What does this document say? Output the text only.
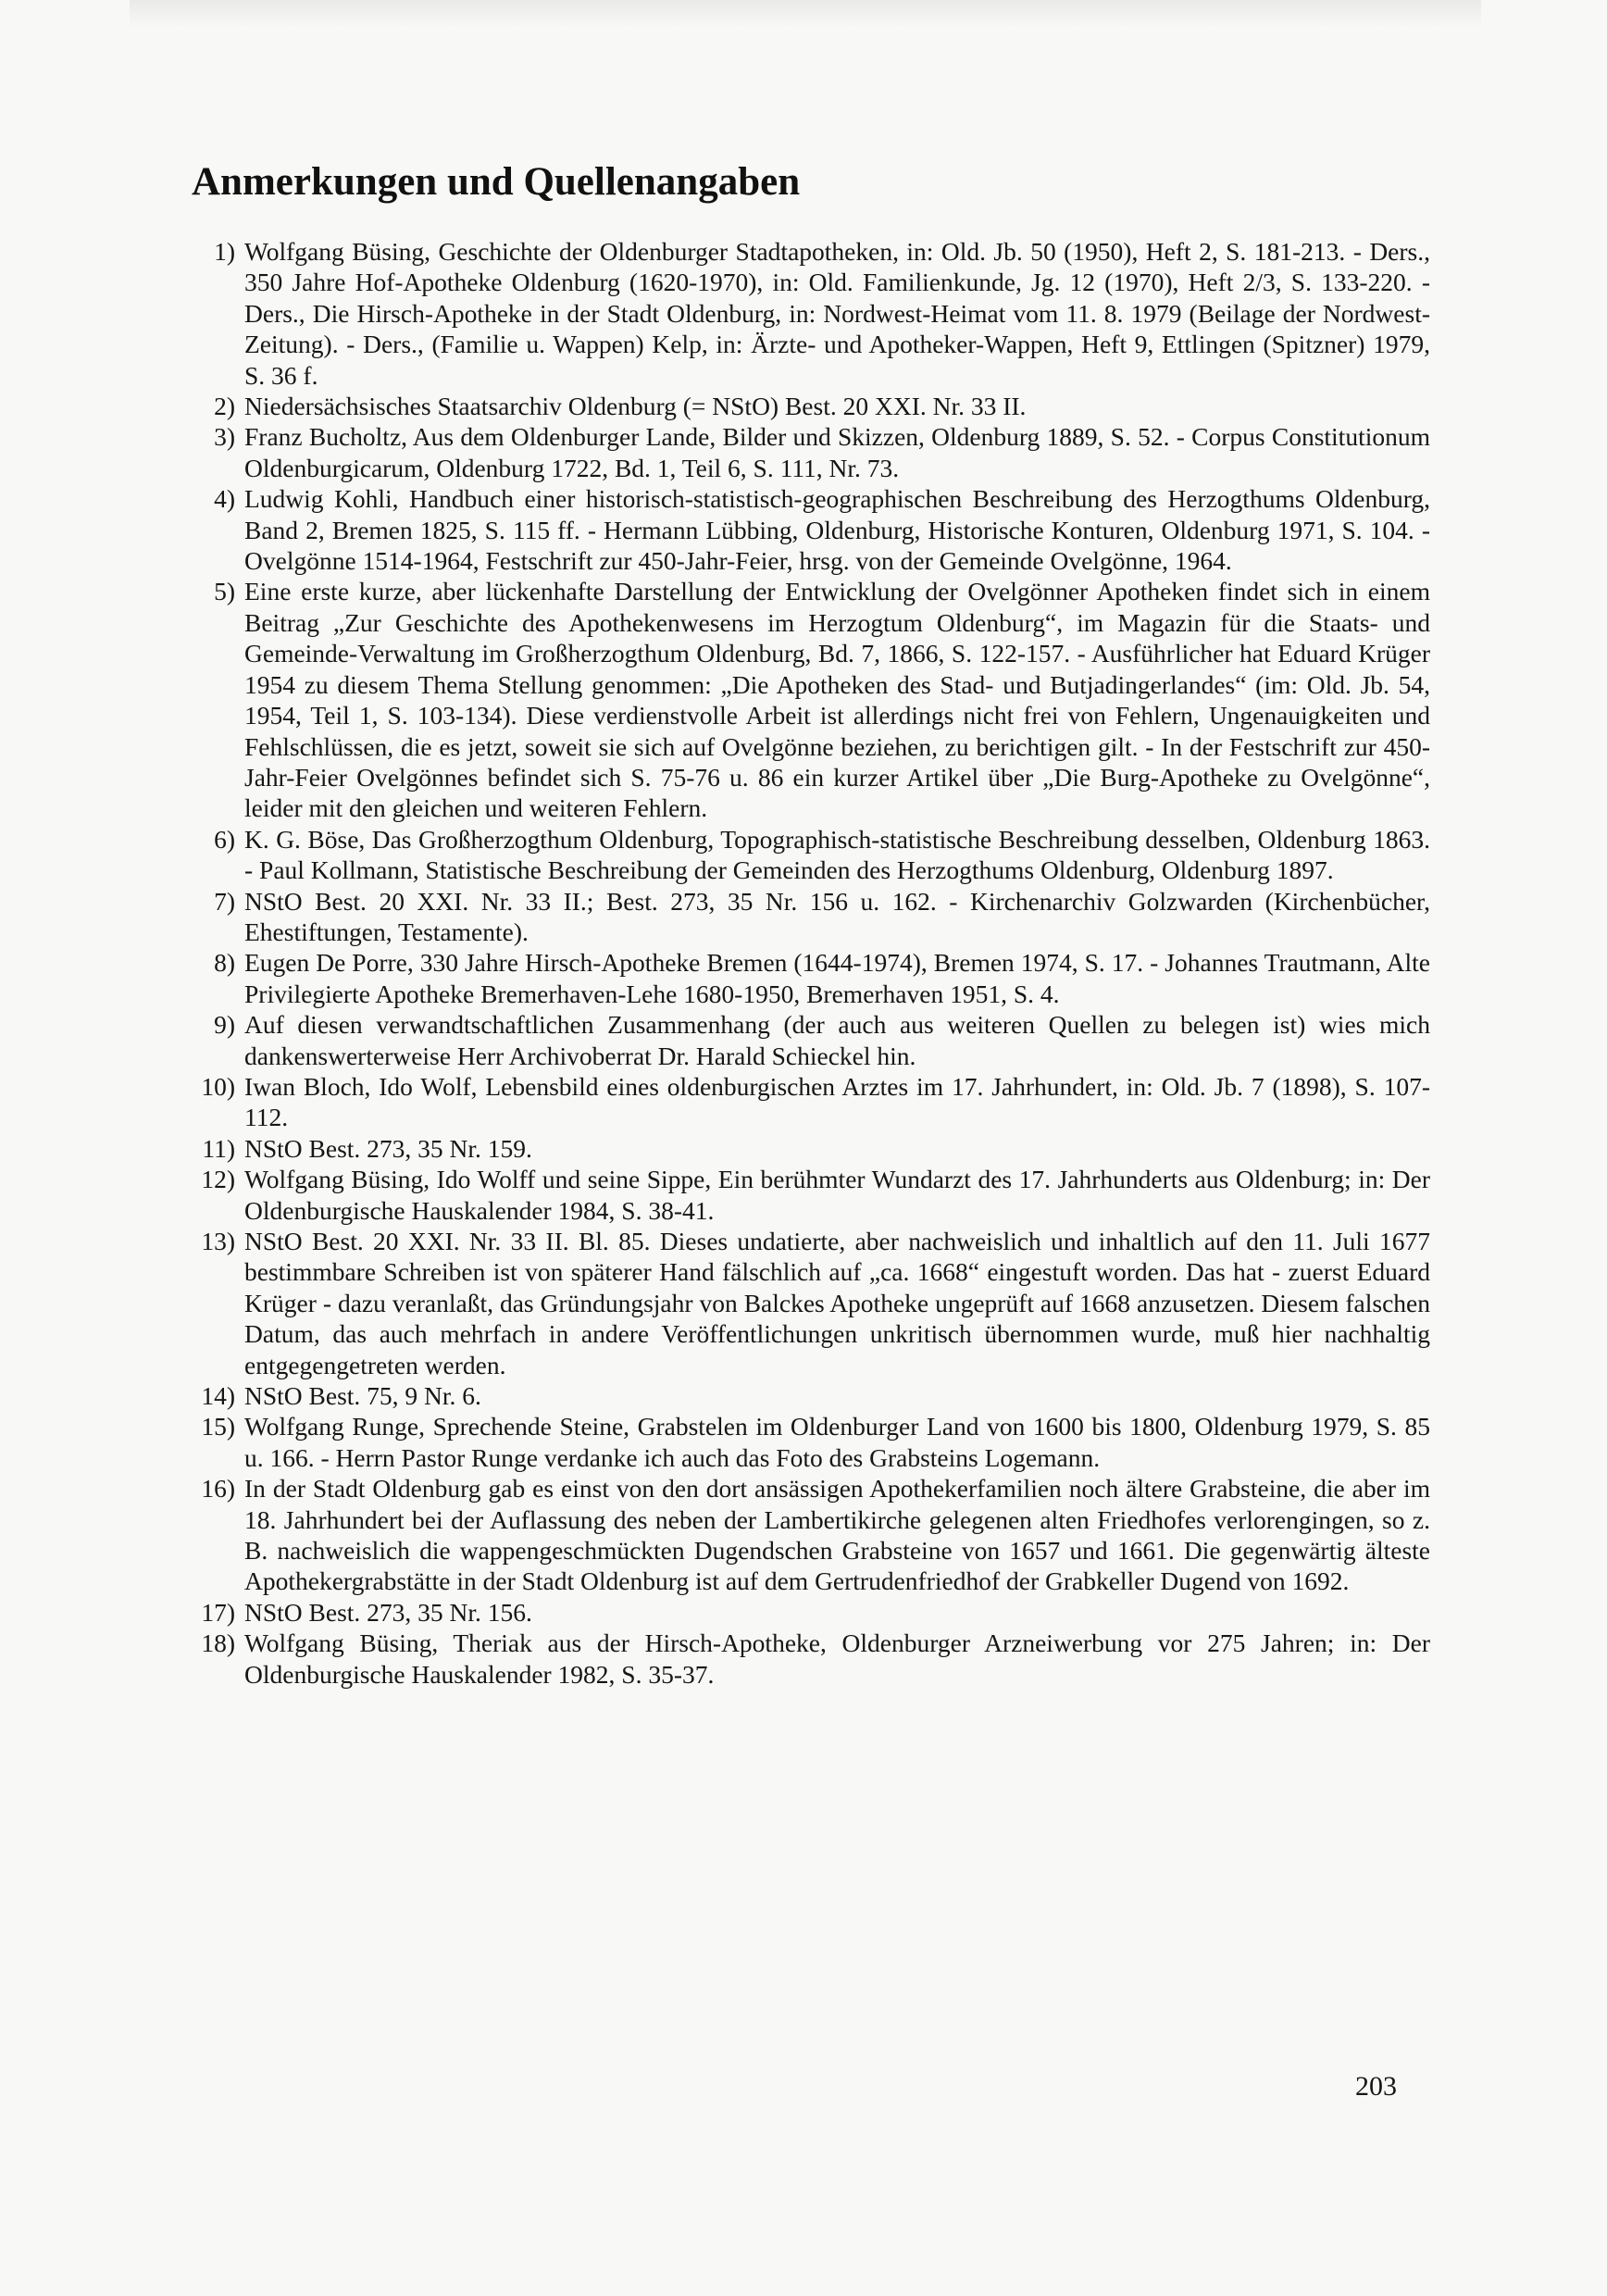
Anmerkungen und Quellenangaben
1) Wolfgang Büsing, Geschichte der Oldenburger Stadtapotheken, in: Old. Jb. 50 (1950), Heft 2, S. 181-213. - Ders., 350 Jahre Hof-Apotheke Oldenburg (1620-1970), in: Old. Familienkunde, Jg. 12 (1970), Heft 2/3, S. 133-220. - Ders., Die Hirsch-Apotheke in der Stadt Oldenburg, in: Nordwest-Heimat vom 11. 8. 1979 (Beilage der Nordwest-Zeitung). - Ders., (Familie u. Wappen) Kelp, in: Ärzte- und Apotheker-Wappen, Heft 9, Ettlingen (Spitzner) 1979, S. 36 f.
2) Niedersächsisches Staatsarchiv Oldenburg (= NStO) Best. 20 XXI. Nr. 33 II.
3) Franz Bucholtz, Aus dem Oldenburger Lande, Bilder und Skizzen, Oldenburg 1889, S. 52. - Corpus Constitutionum Oldenburgicarum, Oldenburg 1722, Bd. 1, Teil 6, S. 111, Nr. 73.
4) Ludwig Kohli, Handbuch einer historisch-statistisch-geographischen Beschreibung des Herzogthums Oldenburg, Band 2, Bremen 1825, S. 115 ff. - Hermann Lübbing, Oldenburg, Historische Konturen, Oldenburg 1971, S. 104. - Ovelgönne 1514-1964, Festschrift zur 450-Jahr-Feier, hrsg. von der Gemeinde Ovelgönne, 1964.
5) Eine erste kurze, aber lückenhafte Darstellung der Entwicklung der Ovelgönner Apotheken findet sich in einem Beitrag „Zur Geschichte des Apothekenwesens im Herzogtum Oldenburg“, im Magazin für die Staats- und Gemeinde-Verwaltung im Großherzogthum Oldenburg, Bd. 7, 1866, S. 122-157. - Ausführlicher hat Eduard Krüger 1954 zu diesem Thema Stellung genommen: „Die Apotheken des Stad- und Butjadingerlandes“ (im: Old. Jb. 54, 1954, Teil 1, S. 103-134). Diese verdienstvolle Arbeit ist allerdings nicht frei von Fehlern, Ungenauigkeiten und Fehlschlüssen, die es jetzt, soweit sie sich auf Ovelgönne beziehen, zu berichtigen gilt. - In der Festschrift zur 450-Jahr-Feier Ovelgönnes befindet sich S. 75-76 u. 86 ein kurzer Artikel über „Die Burg-Apotheke zu Ovelgönne“, leider mit den gleichen und weiteren Fehlern.
6) K. G. Böse, Das Großherzogthum Oldenburg, Topographisch-statistische Beschreibung desselben, Oldenburg 1863. - Paul Kollmann, Statistische Beschreibung der Gemeinden des Herzogthums Oldenburg, Oldenburg 1897.
7) NStO Best. 20 XXI. Nr. 33 II.; Best. 273, 35 Nr. 156 u. 162. - Kirchenarchiv Golzwarden (Kirchenbücher, Ehestiftungen, Testamente).
8) Eugen De Porre, 330 Jahre Hirsch-Apotheke Bremen (1644-1974), Bremen 1974, S. 17. - Johannes Trautmann, Alte Privilegierte Apotheke Bremerhaven-Lehe 1680-1950, Bremerhaven 1951, S. 4.
9) Auf diesen verwandtschaftlichen Zusammenhang (der auch aus weiteren Quellen zu belegen ist) wies mich dankenswerterweise Herr Archivoberrat Dr. Harald Schieckel hin.
10) Iwan Bloch, Ido Wolf, Lebensbild eines oldenburgischen Arztes im 17. Jahrhundert, in: Old. Jb. 7 (1898), S. 107-112.
11) NStO Best. 273, 35 Nr. 159.
12) Wolfgang Büsing, Ido Wolff und seine Sippe, Ein berühmter Wundarzt des 17. Jahrhunderts aus Oldenburg; in: Der Oldenburgische Hauskalender 1984, S. 38-41.
13) NStO Best. 20 XXI. Nr. 33 II. Bl. 85. Dieses undatierte, aber nachweislich und inhaltlich auf den 11. Juli 1677 bestimmbare Schreiben ist von späterer Hand fälschlich auf „ca. 1668“ eingestuft worden. Das hat - zuerst Eduard Krüger - dazu veranlaßt, das Gründungsjahr von Balckes Apotheke ungeprüft auf 1668 anzusetzen. Diesem falschen Datum, das auch mehrfach in andere Veröffentlichungen unkritisch übernommen wurde, muß hier nachhaltig entgegengetreten werden.
14) NStO Best. 75, 9 Nr. 6.
15) Wolfgang Runge, Sprechende Steine, Grabstelen im Oldenburger Land von 1600 bis 1800, Oldenburg 1979, S. 85 u. 166. - Herrn Pastor Runge verdanke ich auch das Foto des Grabsteins Logemann.
16) In der Stadt Oldenburg gab es einst von den dort ansässigen Apothekerfamilien noch ältere Grabsteine, die aber im 18. Jahrhundert bei der Auflassung des neben der Lambertikirche gelegenen alten Friedhofes verlorengingen, so z. B. nachweislich die wappengeschmückten Dugendschen Grabsteine von 1657 und 1661. Die gegenwärtig älteste Apothekergrabstätte in der Stadt Oldenburg ist auf dem Gertrudenfriedhof der Grabkeller Dugend von 1692.
17) NStO Best. 273, 35 Nr. 156.
18) Wolfgang Büsing, Theriak aus der Hirsch-Apotheke, Oldenburger Arzneiwerbung vor 275 Jahren; in: Der Oldenburgische Hauskalender 1982, S. 35-37.
203
